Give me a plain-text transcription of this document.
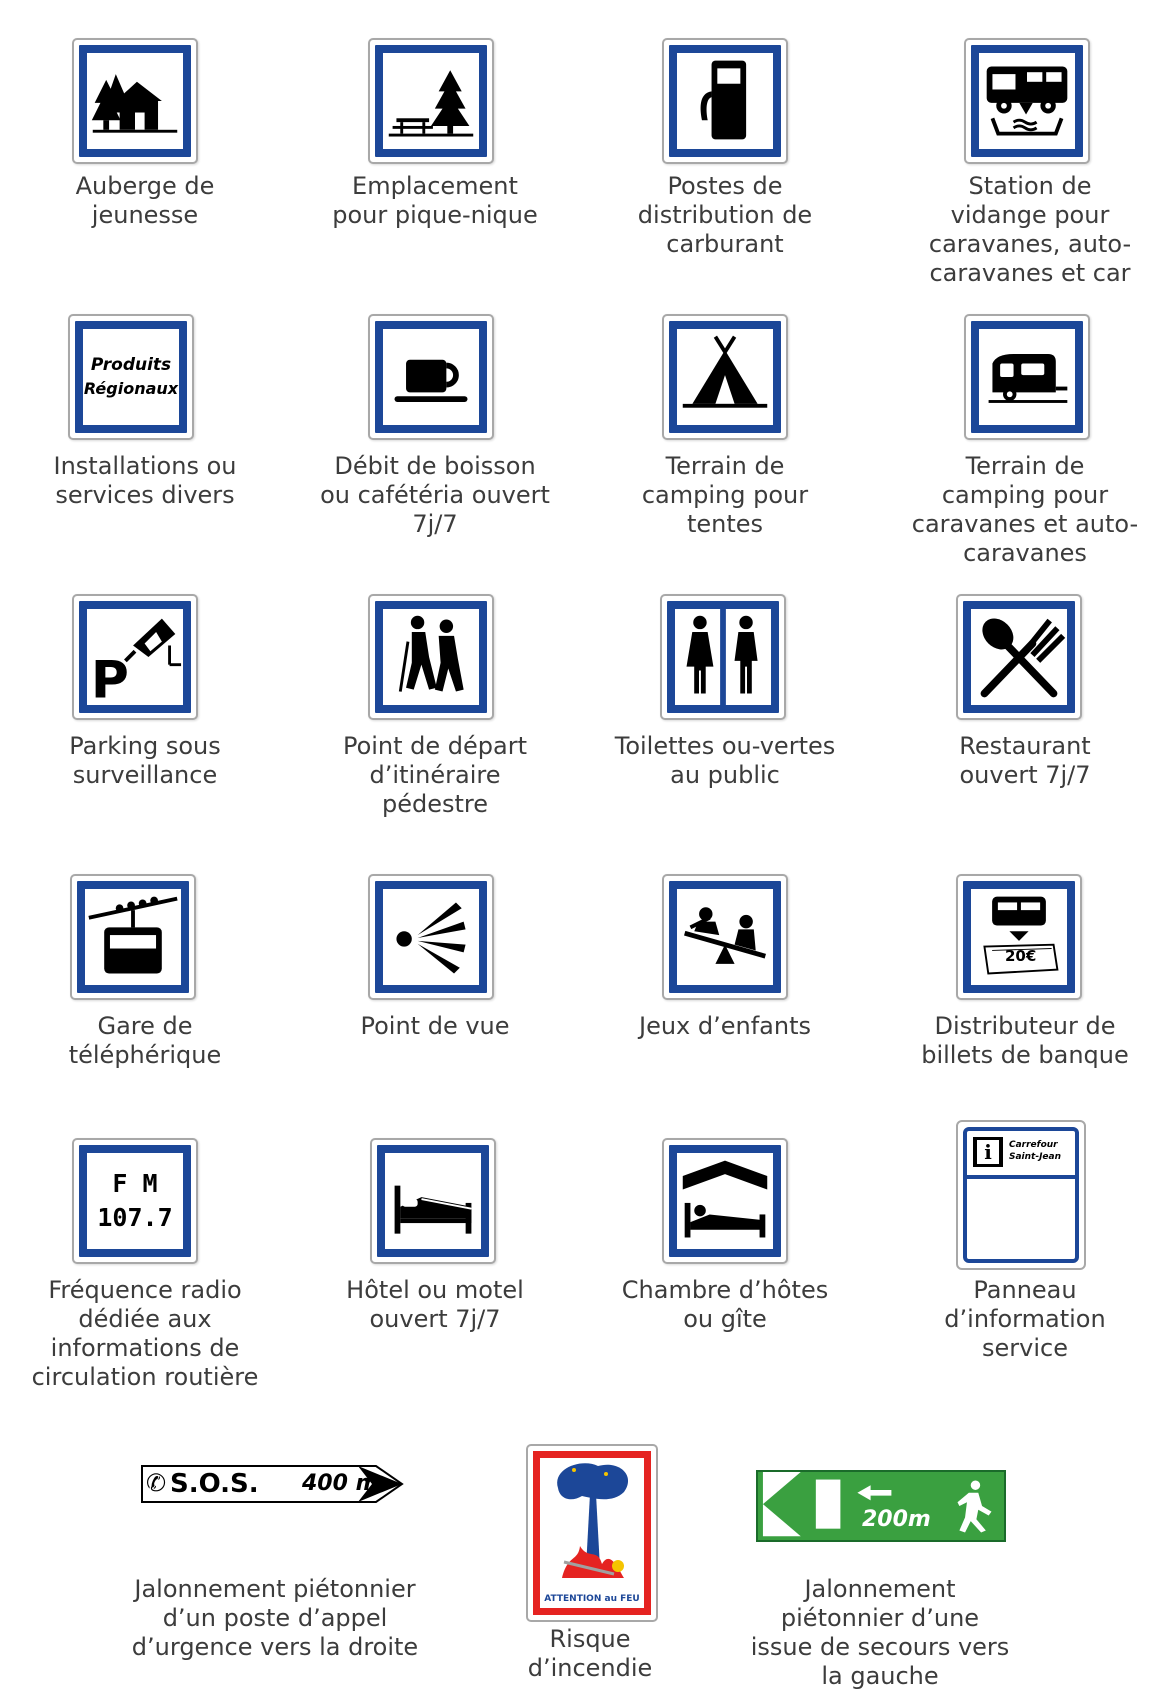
Auberge de jeunesse
Emplacement pour pique-nique
Postes de distribution de carburant
Station de vidange pour caravanes, auto-caravanes et car
Produits
Régionaux
Installations ou services divers
Débit de boisson ou cafétéria ouvert 7j/7
Terrain de camping pour tentes
Terrain de camping pour caravanes et auto-caravanes
P
Parking sous surveillance
Point de départ d’itinéraire pédestre
Toilettes ou-vertes au public
Restaurant ouvert 7j/7
Gare de téléphérique
Point de vue	Jeux d’enfants
20€
Distributeur de billets de banque
F M
107.7
Fréquence radio dédiée aux informations de circulation routière
Hôtel ou motel ouvert 7j/7
Chambre d’hôtes ou gîte
i	Carrefour
Saint-Jean
Panneau d’information service
✆ S.O.S. 400 m
Jalonnement piétonnier d’un poste d’appel d’urgence vers la droite
ATTENTION au FEU
Risque d’incendie
200m
Jalonnement piétonnier d’une issue de secours vers la gauche
